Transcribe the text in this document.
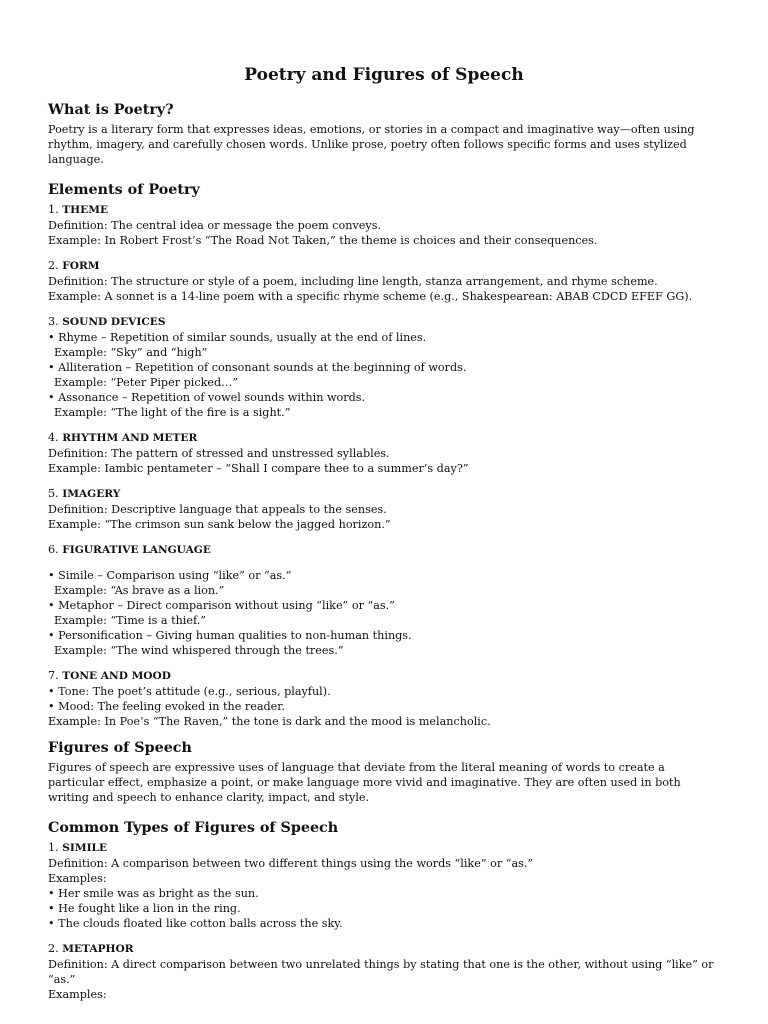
Poetry and Figures of Speech
What is Poetry?

Poetry is a literary form that expresses ideas, emotions, or stories in a compact and imaginative way—often using rhythm, imagery, and carefully chosen words. Unlike prose, poetry often follows specific forms and uses stylized language.

Elements of Poetry

1. THEME

Definition: The central idea or message the poem conveys.

Example: In Robert Frost’s “The Road Not Taken,” the theme is choices and their consequences.

2. FORM

Definition: The structure or style of a poem, including line length, stanza arrangement, and rhyme scheme.

Example: A sonnet is a 14-line poem with a specific rhyme scheme (e.g., Shakespearean: ABAB CDCD EFEF GG).

3. SOUND DEVICES

• Rhyme – Repetition of similar sounds, usually at the end of lines.

Example: “Sky” and “high”

• Alliteration – Repetition of consonant sounds at the beginning of words.

Example: “Peter Piper picked…”

• Assonance – Repetition of vowel sounds within words.

Example: “The light of the fire is a sight.”

4. RHYTHM AND METER

Definition: The pattern of stressed and unstressed syllables.

Example: Iambic pentameter – “Shall I compare thee to a summer’s day?”

5. IMAGERY

Definition: Descriptive language that appeals to the senses.

Example: “The crimson sun sank below the jagged horizon.”

6. FIGURATIVE LANGUAGE

• Simile – Comparison using “like” or “as.”

Example: “As brave as a lion.”

• Metaphor – Direct comparison without using “like” or “as.”

Example: “Time is a thief.”

• Personification – Giving human qualities to non-human things.

Example: “The wind whispered through the trees.”

7. TONE AND MOOD

• Tone: The poet’s attitude (e.g., serious, playful).

• Mood: The feeling evoked in the reader.

Example: In Poe’s “The Raven,” the tone is dark and the mood is melancholic.

Figures of Speech

Figures of speech are expressive uses of language that deviate from the literal meaning of words to create a particular effect, emphasize a point, or make language more vivid and imaginative. They are often used in both writing and speech to enhance clarity, impact, and style.

Common Types of Figures of Speech

1. SIMILE

Definition: A comparison between two different things using the words “like” or “as.”

Examples:

• Her smile was as bright as the sun.

• He fought like a lion in the ring.

• The clouds floated like cotton balls across the sky.

2. METAPHOR

Definition: A direct comparison between two unrelated things by stating that one is the other, without using “like” or “as.”

Examples:
